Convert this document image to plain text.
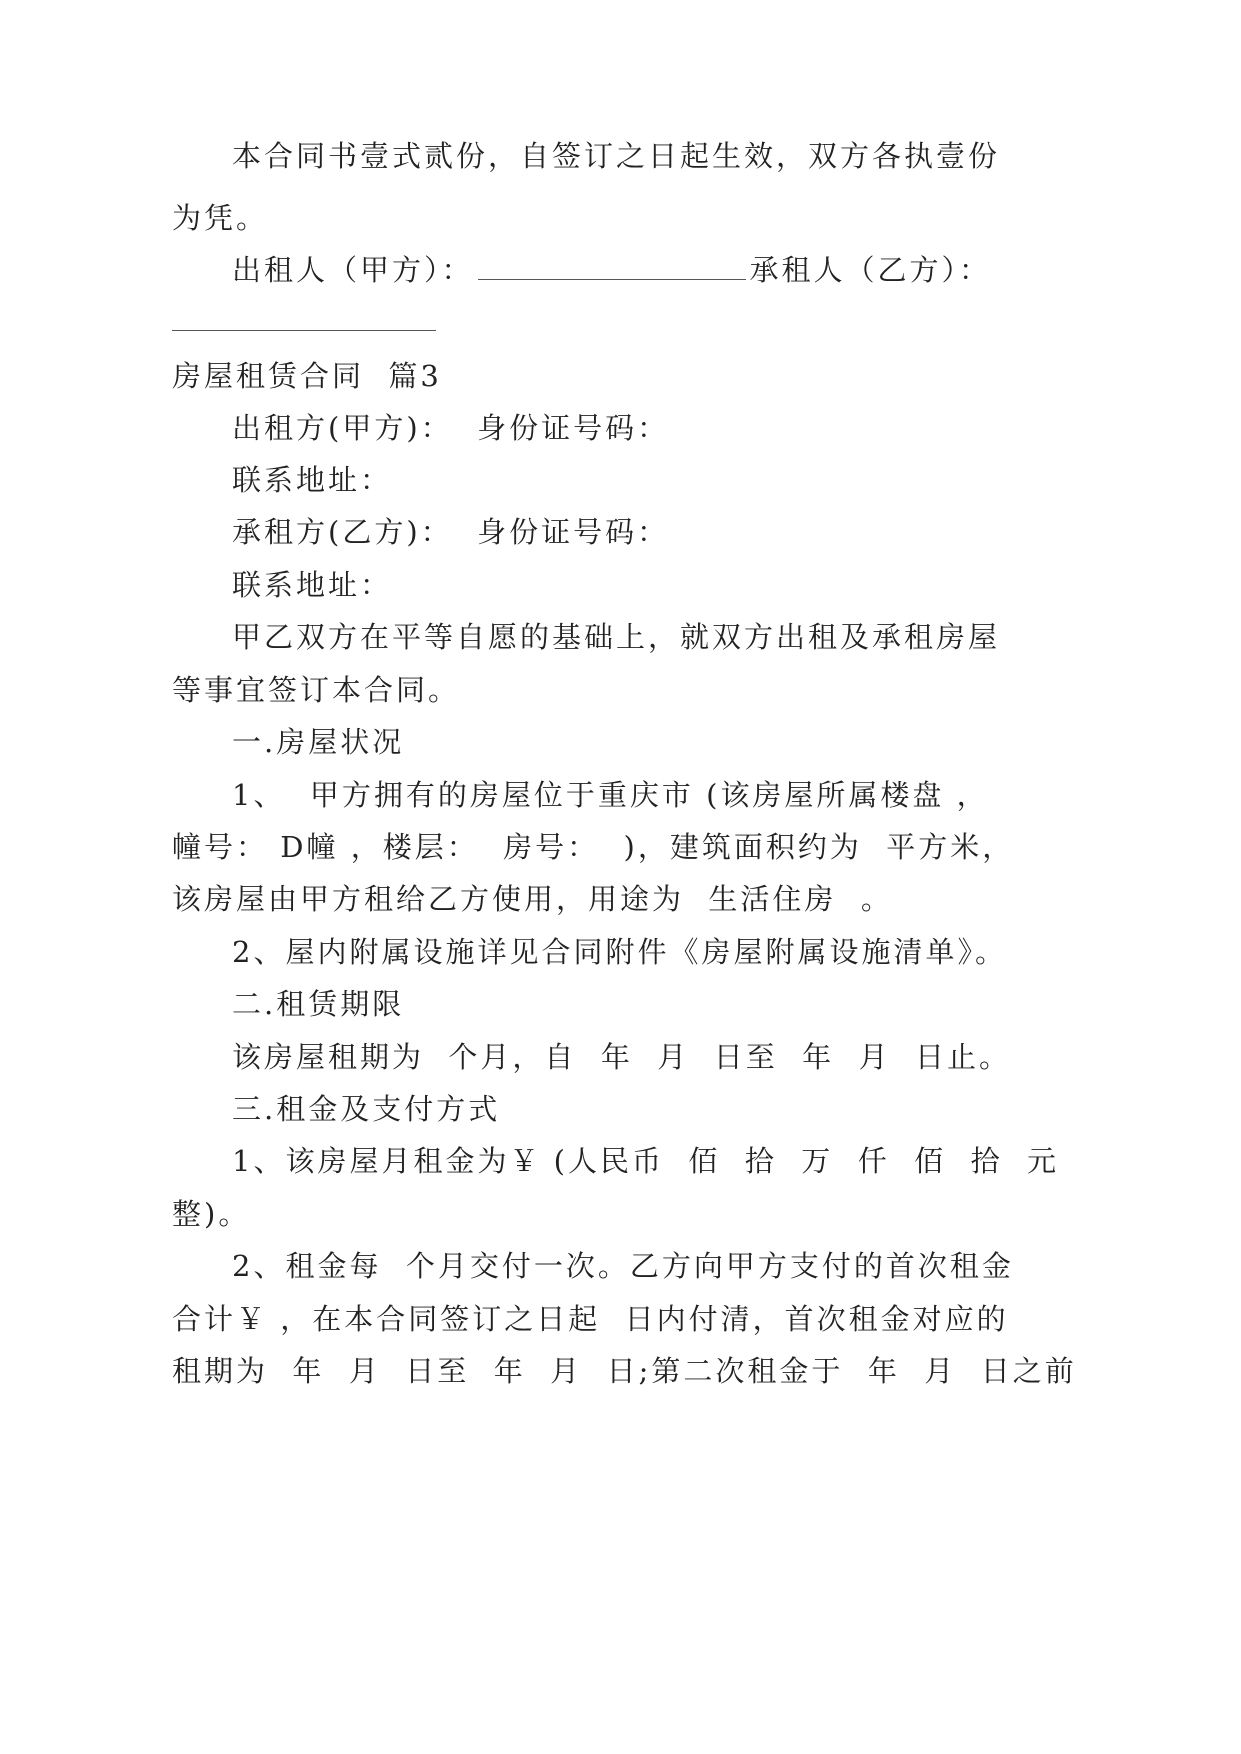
本合同书壹式贰份，自签订之日起生效，双方各执壹份
为凭。
出租人（甲方）：	承租人（乙方）：
房屋租赁合同  篇3
出租方(甲方)：  身份证号码：
联系地址：
承租方(乙方)：  身份证号码：
联系地址：
甲乙双方在平等自愿的基础上，就双方出租及承租房屋
等事宜签订本合同。
一.房屋状况
1、  甲方拥有的房屋位于重庆市 (该房屋所属楼盘 ，
幢号： D幢 ，楼层：  房号：  )，建筑面积约为  平方米，
该房屋由甲方租给乙方使用，用途为  生活住房  。
2、屋内附属设施详见合同附件《房屋附属设施清单》。
二.租赁期限
该房屋租期为  个月，自  年  月  日至  年  月  日止。
三.租金及支付方式
1、该房屋月租金为￥ (人民币  佰  拾  万  仟  佰  拾  元
整)。
2、租金每  个月交付一次。乙方向甲方支付的首次租金
合计￥ ，在本合同签订之日起  日内付清，首次租金对应的
租期为  年  月  日至  年  月  日;第二次租金于  年  月  日之前
